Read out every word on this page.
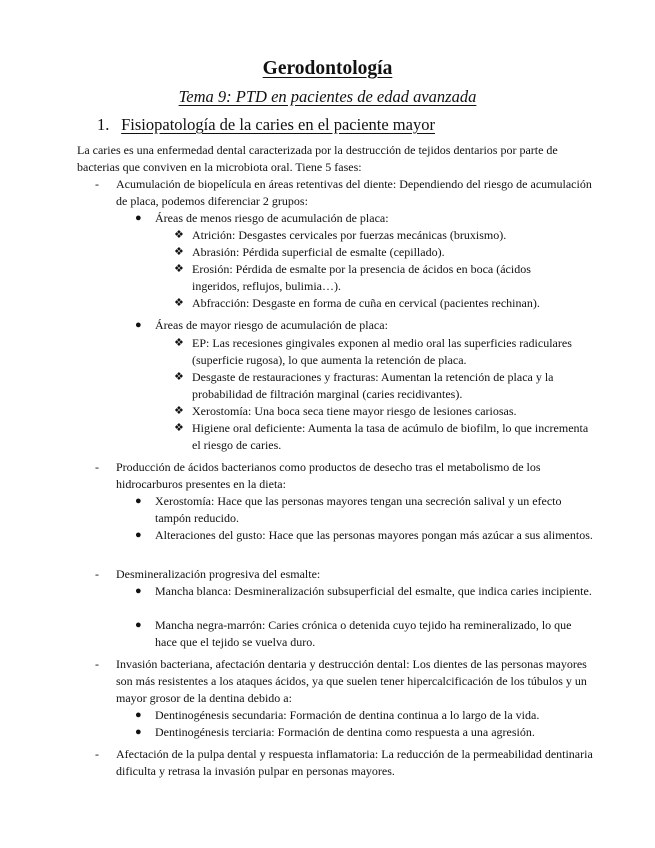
Gerodontología
Tema 9: PTD en pacientes de edad avanzada
1. Fisiopatología de la caries en el paciente mayor
La caries es una enfermedad dental caracterizada por la destrucción de tejidos dentarios por parte de bacterias que conviven en la microbiota oral. Tiene 5 fases:
- Acumulación de biopelícula en áreas retentivas del diente: Dependiendo del riesgo de acumulación de placa, podemos diferenciar 2 grupos:
● Áreas de menos riesgo de acumulación de placa:
❖ Atrición: Desgastes cervicales por fuerzas mecánicas (bruxismo).
❖ Abrasión: Pérdida superficial de esmalte (cepillado).
❖ Erosión: Pérdida de esmalte por la presencia de ácidos en boca (ácidos ingeridos, reflujos, bulimia…).
❖ Abfracción: Desgaste en forma de cuña en cervical (pacientes rechinan).
● Áreas de mayor riesgo de acumulación de placa:
❖ EP: Las recesiones gingivales exponen al medio oral las superficies radiculares (superficie rugosa), lo que aumenta la retención de placa.
❖ Desgaste de restauraciones y fracturas: Aumentan la retención de placa y la probabilidad de filtración marginal (caries recidivantes).
❖ Xerostomía: Una boca seca tiene mayor riesgo de lesiones cariosas.
❖ Higiene oral deficiente: Aumenta la tasa de acúmulo de biofilm, lo que incrementa el riesgo de caries.
- Producción de ácidos bacterianos como productos de desecho tras el metabolismo de los hidrocarburos presentes en la dieta:
● Xerostomía: Hace que las personas mayores tengan una secreción salival y un efecto tampón reducido.
● Alteraciones del gusto: Hace que las personas mayores pongan más azúcar a sus alimentos.
- Desmineralización progresiva del esmalte:
● Mancha blanca: Desmineralización subsuperficial del esmalte, que indica caries incipiente.
● Mancha negra-marrón: Caries crónica o detenida cuyo tejido ha remineralizado, lo que hace que el tejido se vuelva duro.
- Invasión bacteriana, afectación dentaria y destrucción dental: Los dientes de las personas mayores son más resistentes a los ataques ácidos, ya que suelen tener hipercalcificación de los túbulos y un mayor grosor de la dentina debido a:
● Dentinogénesis secundaria: Formación de dentina continua a lo largo de la vida.
● Dentinogénesis terciaria: Formación de dentina como respuesta a una agresión.
- Afectación de la pulpa dental y respuesta inflamatoria: La reducción de la permeabilidad dentinaria dificulta y retrasa la invasión pulpar en personas mayores.
